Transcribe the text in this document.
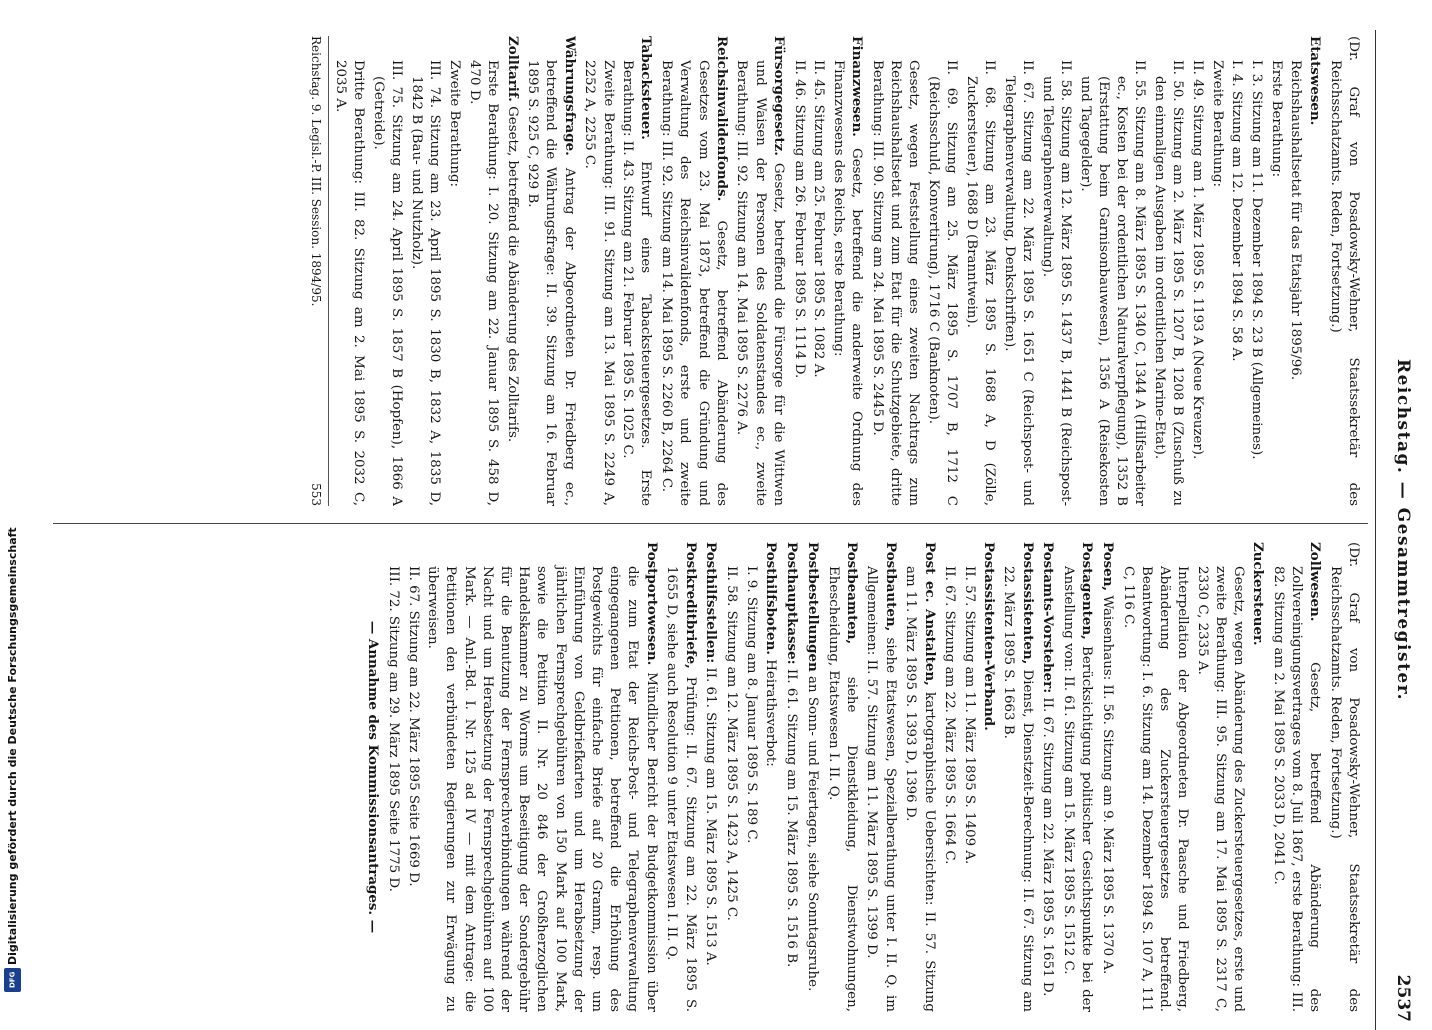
Digitalisierung gefördert durch die Deutsche Forschungsgemeinschaft
DFG
Reichstag. — Gesammtregister.
2537

(Dr. Graf von Posadowsky-Wehner, Staatssekretär des Reichsschatzamts. Reden, Fortsetzung.)

Etatswesen.

Reichshaushaltsetat für das Etatsjahr 1895/96.

Erste Berathung:

I. 3. Sitzung am 11. Dezember 1894 S. 23 B (Allgemeines).

I. 4. Sitzung am 12. Dezember 1894 S. 58 A.

Zweite Berathung:

II. 49. Sitzung am 1. März 1895 S. 1193 A (Neue Kreuzer).

II. 50. Sitzung am 2. März 1895 S. 1207 B, 1208 B (Zuschuß zu den einmaligen Ausgaben im ordentlichen Marine-Etat).

II. 55. Sitzung am 8. März 1895 S. 1340 C, 1344 A (Hilfsarbeiter ec., Kosten bei der ordentlichen Naturalverpflegung), 1352 B (Erstattung beim Garnisonbauwesen), 1356 A (Reisekosten und Tagegelder).

II. 58. Sitzung am 12. März 1895 S. 1437 B, 1441 B (Reichspost- und Telegraphenverwaltung).

II. 67. Sitzung am 22. März 1895 S. 1651 C (Reichspost- und Telegraphenverwaltung, Denkschriften).

II. 68. Sitzung am 23. März 1895 S. 1688 A, D (Zölle, Zuckersteuer), 1688 D (Branntwein).

II. 69. Sitzung am 25. März 1895 S. 1707 B, 1712 C (Reichsschuld, Konvertirung), 1716 C (Banknoten).

Gesetz, wegen Feststellung eines zweiten Nachtrags zum Reichshaushaltsetat und zum Etat für die Schutzgebiete, dritte Berathung: III. 90. Sitzung am 24. Mai 1895 S. 2445 D.

Finanzwesen. Gesetz, betreffend die anderweite Ordnung des Finanzwesens des Reichs, erste Berathung:

II. 45. Sitzung am 25. Februar 1895 S. 1082 A.

II. 46. Sitzung am 26. Februar 1895 S. 1114 D.

Fürsorgegesetz. Gesetz, betreffend die Fürsorge für die Wittwen und Waisen der Personen des Soldatenstandes ec., zweite Berathung: III. 92. Sitzung am 14. Mai 1895 S. 2276 A.

Reichsinvalidenfonds. Gesetz, betreffend Abänderung des Gesetzes vom 23. Mai 1873, betreffend die Gründung und Verwaltung des Reichsinvalidenfonds, erste und zweite Berathung: III. 92. Sitzung am 14. Mai 1895 S. 2260 B, 2264 C.

Tabacksteuer. Entwurf eines Tabacksteuergesetzes. Erste Berathung: II. 43. Sitzung am 21. Februar 1895 S. 1025 C.

Zweite Berathung: III. 91. Sitzung am 13. Mai 1895 S. 2249 A, 2252 A, 2255 C.

Währungsfrage. Antrag der Abgeordneten Dr. Friedberg ec., betreffend die Währungsfrage: II. 39. Sitzung am 16. Februar 1895 S. 925 C, 929 B.

Zolltarif. Gesetz, betreffend die Abänderung des Zolltarifs.

Erste Berathung: I. 20. Sitzung am 22. Januar 1895 S. 458 D, 470 D.

Zweite Berathung:

III. 74. Sitzung am 23. April 1895 S. 1830 B, 1832 A, 1835 D, 1842 B (Bau- und Nutzholz).

III. 75. Sitzung am 24. April 1895 S. 1857 B (Hopfen), 1866 A (Getreide).

Dritte Berathung: III. 82. Sitzung am 2. Mai 1895 S. 2032 C, 2035 A.

Reichstag. 9. Legisl.-P. III. Session. 1894/95.
553

(Dr. Graf von Posadowsky-Wehner, Staatssekretär des Reichsschatzamts. Reden, Fortsetzung.)

Zollwesen. Gesetz, betreffend Abänderung des Zollvereinigungsvertrages vom 8. Juli 1867, erste Berathung: III. 82. Sitzung am 2. Mai 1895 S. 2033 D, 2041 C.

Zuckersteuer.

Gesetz, wegen Abänderung des Zuckersteuergesetzes, erste und zweite Berathung: III. 95. Sitzung am 17. Mai 1895 S. 2317 C, 2330 C, 2335 A.

Interpellation der Abgeordneten Dr. Paasche und Friedberg, Abänderung des Zuckersteuergesetzes betreffend. Beantwortung: I. 6. Sitzung am 14. Dezember 1894 S. 107 A, 111 C, 116 C.

Posen, Waisenhaus: II. 56. Sitzung am 9. März 1895 S. 1370 A.

Postagenten, Berücksichtigung politischer Gesichtspunkte bei der Anstellung von: II. 61. Sitzung am 15. März 1895 S. 1512 C.

Postamts-Vorsteher: II. 67. Sitzung am 22. März 1895 S. 1651 D.

Postassistenten, Dienst, Dienstzeit-Berechnung: II. 67. Sitzung am 22. März 1895 S. 1663 B.

Postassistenten-Verband.

II. 57. Sitzung am 11. März 1895 S. 1409 A.

II. 67. Sitzung am 22. März 1895 S. 1664 C.

Post ec. Anstalten, kartographische Uebersichten: II. 57. Sitzung am 11. März 1895 S. 1393 D, 1396 D.

Postbauten, siehe Etatswesen, Spezialberathung unter I. II. Q. im Allgemeinen: II. 57. Sitzung am 11. März 1895 S. 1399 D.

Postbeamten, siehe Dienstkleidung, Dienstwohnungen, Ehescheidung, Etatswesen I. II. Q.

Postbestellungen an Sonn- und Feiertagen, siehe Sonntagsruhe.

Posthauptkasse: II. 61. Sitzung am 15. März 1895 S. 1516 B.

Posthilfsboten. Heirathsverbot:

I. 9. Sitzung am 8. Januar 1895 S. 189 C.

II. 58. Sitzung am 12. März 1895 S. 1423 A, 1425 C.

Posthilfsstellen: II. 61. Sitzung am 15. März 1895 S. 1513 A.

Postkreditbriefe, Prüfung: II. 67. Sitzung am 22. März 1895 S. 1655 D, siehe auch Resolution 9 unter Etatswesen I. II. Q.

Postportowesen. Mündlicher Bericht der Budgetkommission über die zum Etat der Reichs-Post- und Telegraphenverwaltung eingegangenen Petitionen, betreffend die Erhöhung des Postgewichts für einfache Briefe auf 20 Gramm, resp. um Einführung von Geldbriefkarten und um Herabsetzung der jährlichen Fernsprechgebühren von 150 Mark auf 100 Mark, sowie die Petition II. Nr. 20 846 der Großherzoglichen Handelskammer zu Worms um Beseitigung der Sondergebühr für die Benutzung der Fernsprechverbindungen während der Nacht und um Herabsetzung der Fernsprechgebühren auf 100 Mark. — Anl.-Bd. I. Nr. 125 ad IV — mit dem Antrage: die Petitionen den verbündeten Regierungen zur Erwägung zu überweisen.

II. 67. Sitzung am 22. März 1895 Seite 1669 D.

III. 72. Sitzung am 29. März 1895 Seite 1775 D.

— Annahme des Kommissionsantrages. —
